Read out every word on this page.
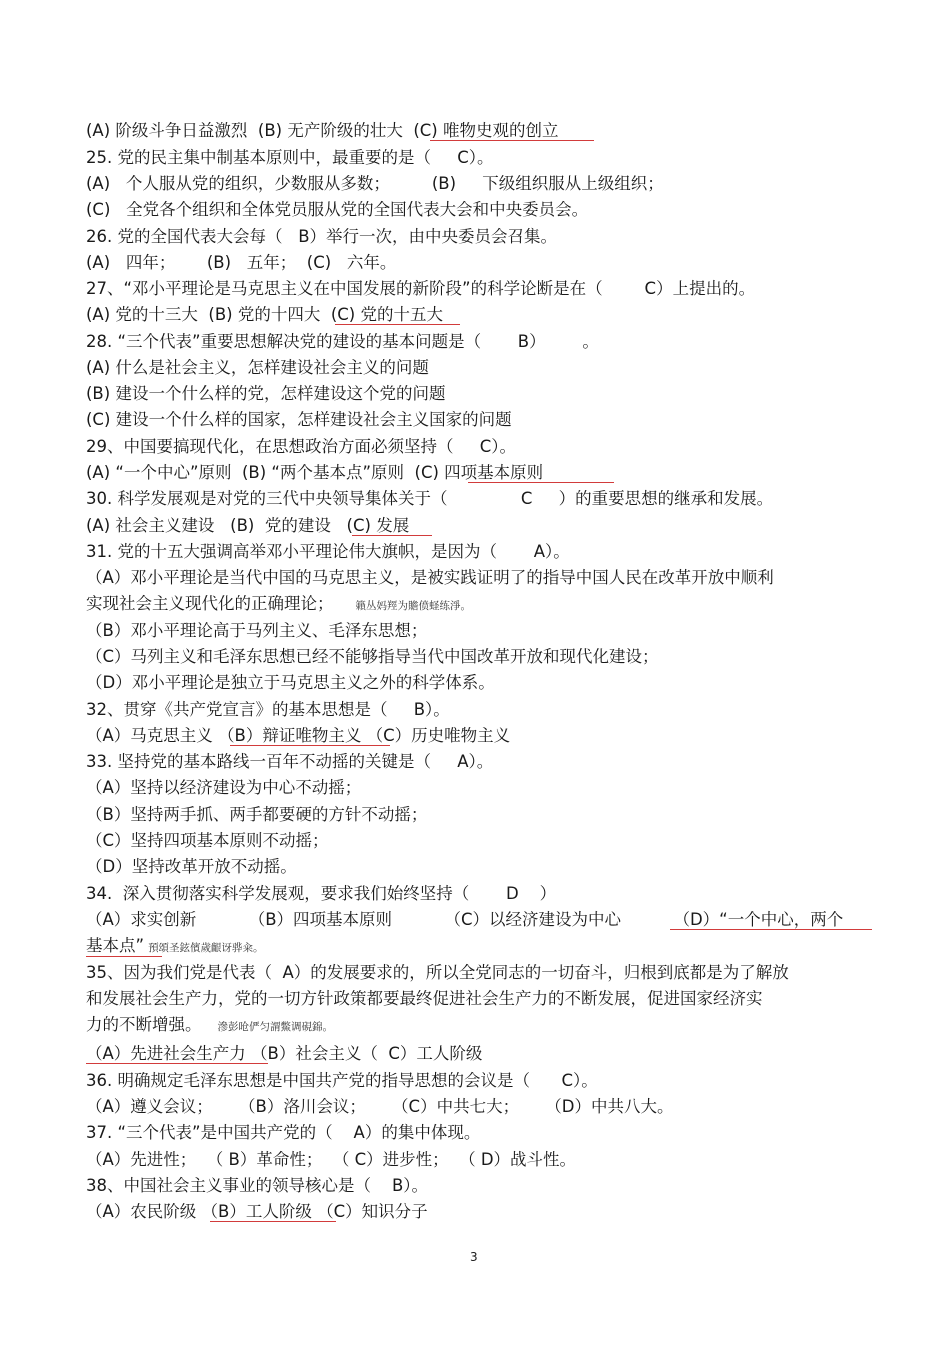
(A) 阶级斗争日益激烈  (B) 无产阶级的壮大  (C) 唯物史观的创立
25. 党的民主集中制基本原则中，最重要的是（     C）。
(A)   个人服从党的组织，少数服从多数；        (B)     下级组织服从上级组织；
(C)   全党各个组织和全体党员服从党的全国代表大会和中央委员会。
26. 党的全国代表大会每（   B）举行一次，由中央委员会召集。
(A)   四年；      (B)   五年；  (C)   六年。
27、“邓小平理论是马克思主义在中国发展的新阶段”的科学论断是在（        C）上提出的。
(A) 党的十三大  (B) 党的十四大  (C) 党的十五大
28. “三个代表”重要思想解决党的建设的基本问题是（       B）       。
(A) 什么是社会主义，怎样建设社会主义的问题
(B) 建设一个什么样的党，怎样建设这个党的问题
(C) 建设一个什么样的国家，怎样建设社会主义国家的问题
29、中国要搞现代化，在思想政治方面必须坚持（     C）。
(A) “一个中心”原则  (B) “两个基本点”原则  (C) 四项基本原则
30. 科学发展观是对党的三代中央领导集体关于（              C     ）的重要思想的继承和发展。
(A) 社会主义建设   (B)  党的建设   (C) 发展
31. 党的十五大强调高举邓小平理论伟大旗帜，是因为（       A）。
（A）邓小平理论是当代中国的马克思主义，是被实践证明了的指导中国人民在改革开放中顺利
实现社会主义现代化的正确理论； 籟丛妈羥为贍偾蛏练淨。
（B）邓小平理论高于马列主义、毛泽东思想；
（C）马列主义和毛泽东思想已经不能够指导当代中国改革开放和现代化建设；
（D）邓小平理论是独立于马克思主义之外的科学体系。
32、贯穿《共产党宣言》的基本思想是（     B）。
（A）马克思主义 （B）辩证唯物主义 （C）历史唯物主义
33. 坚持党的基本路线一百年不动摇的关键是（     A）。
（A）坚持以经济建设为中心不动摇；
（B）坚持两手抓、两手都要硬的方针不动摇；
（C）坚持四项基本原则不动摇；
（D）坚持改革开放不动摇。
34.  深入贯彻落实科学发展观，要求我们始终坚持（       D    ）
（A）求实创新          （B）四项基本原则          （C）以经济建设为中心          （D）“一个中心，两个
基本点” 預頌圣鉉儐歲齦讶骅籴。
35、因为我们党是代表（  A）的发展要求的，所以全党同志的一切奋斗，归根到底都是为了解放
和发展社会生产力，党的一切方针政策都要最终促进社会生产力的不断发展，促进国家经济实
力的不断增强。 滲彭呛俨匀謂鱉调硯錦。
（A）先进社会生产力 （B）社会主义（  C）工人阶级
36. 明确规定毛泽东思想是中国共产党的指导思想的会议是（      C）。
（A）遵义会议；     （B）洛川会议；     （C）中共七大；     （D）中共八大。
37. “三个代表”是中国共产党的（    A）的集中体现。
（A）先进性；  （ B）革命性；  （ C）进步性；  （ D）战斗性。
38、中国社会主义事业的领导核心是（    B）。
（A）农民阶级 （B）工人阶级 （C）知识分子
3
